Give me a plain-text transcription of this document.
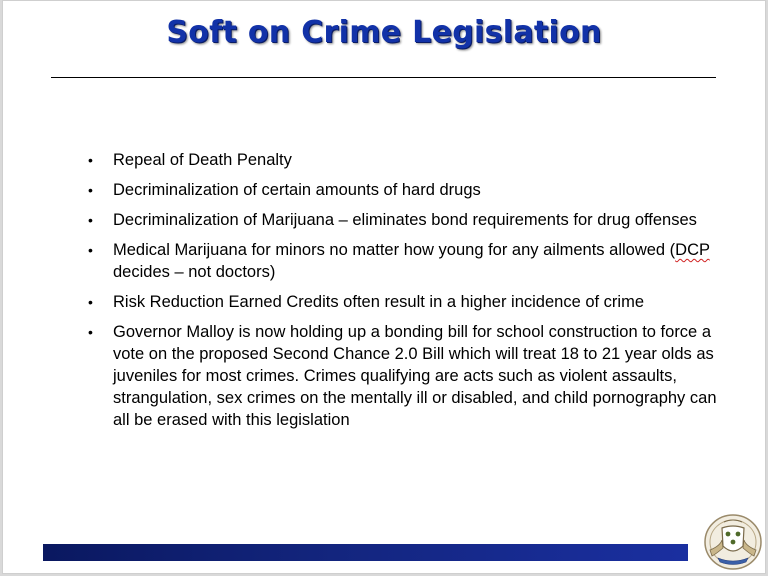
Soft on Crime Legislation
• Repeal of Death Penalty
• Decriminalization of certain amounts of hard drugs
• Decriminalization of Marijuana – eliminates bond requirements for drug offenses
• Medical Marijuana for minors no matter how young for any ailments allowed (DCP decides – not doctors)
• Risk Reduction Earned Credits often result in a higher incidence of crime
• Governor Malloy is now holding up a bonding bill for school construction to force a vote on the proposed Second Chance 2.0 Bill which will treat 18 to 21 year olds as juveniles for most crimes. Crimes qualifying are acts such as violent assaults, strangulation, sex crimes on the mentally ill or disabled, and child pornography can all be erased with this legislation
